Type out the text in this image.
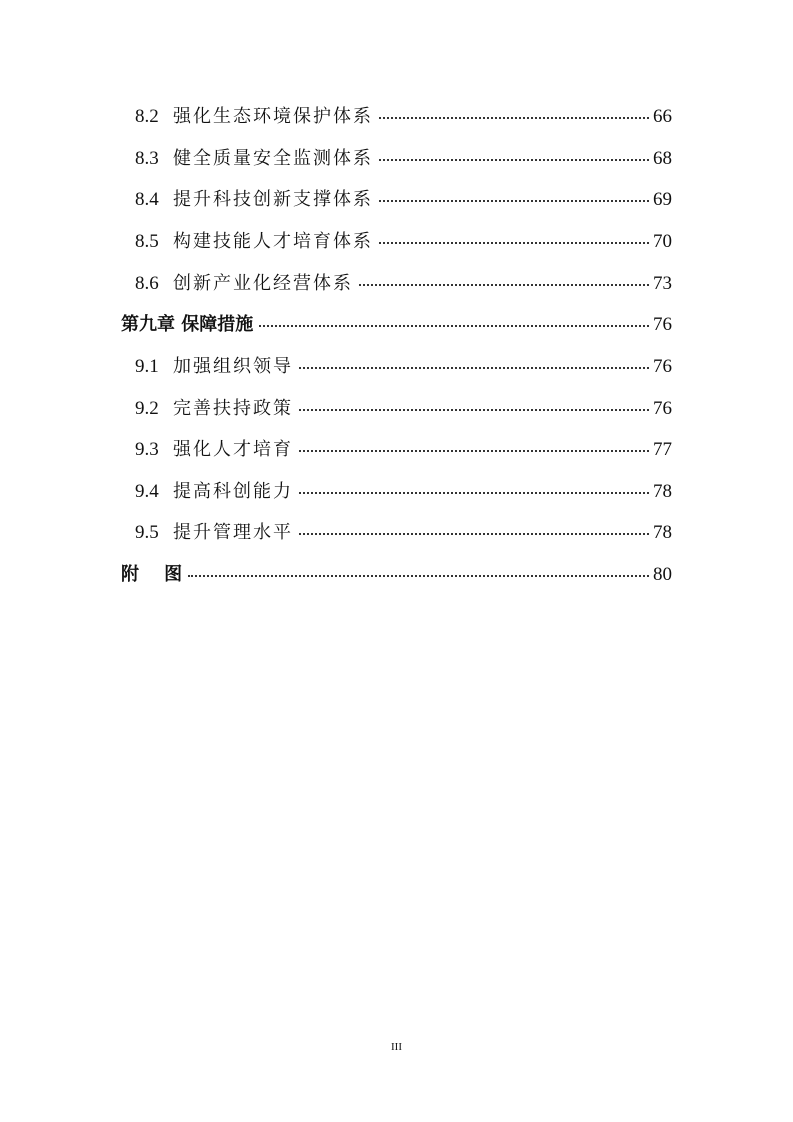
8.2 强化生态环境保护体系	66
8.3 健全质量安全监测体系	68
8.4 提升科技创新支撑体系	69
8.5 构建技能人才培育体系	70
8.6 创新产业化经营体系	73
第九章 保障措施	76
9.1 加强组织领导	76
9.2 完善扶持政策	76
9.3 强化人才培育	77
9.4 提高科创能力	78
9.5 提升管理水平	78
附    图	80
III
